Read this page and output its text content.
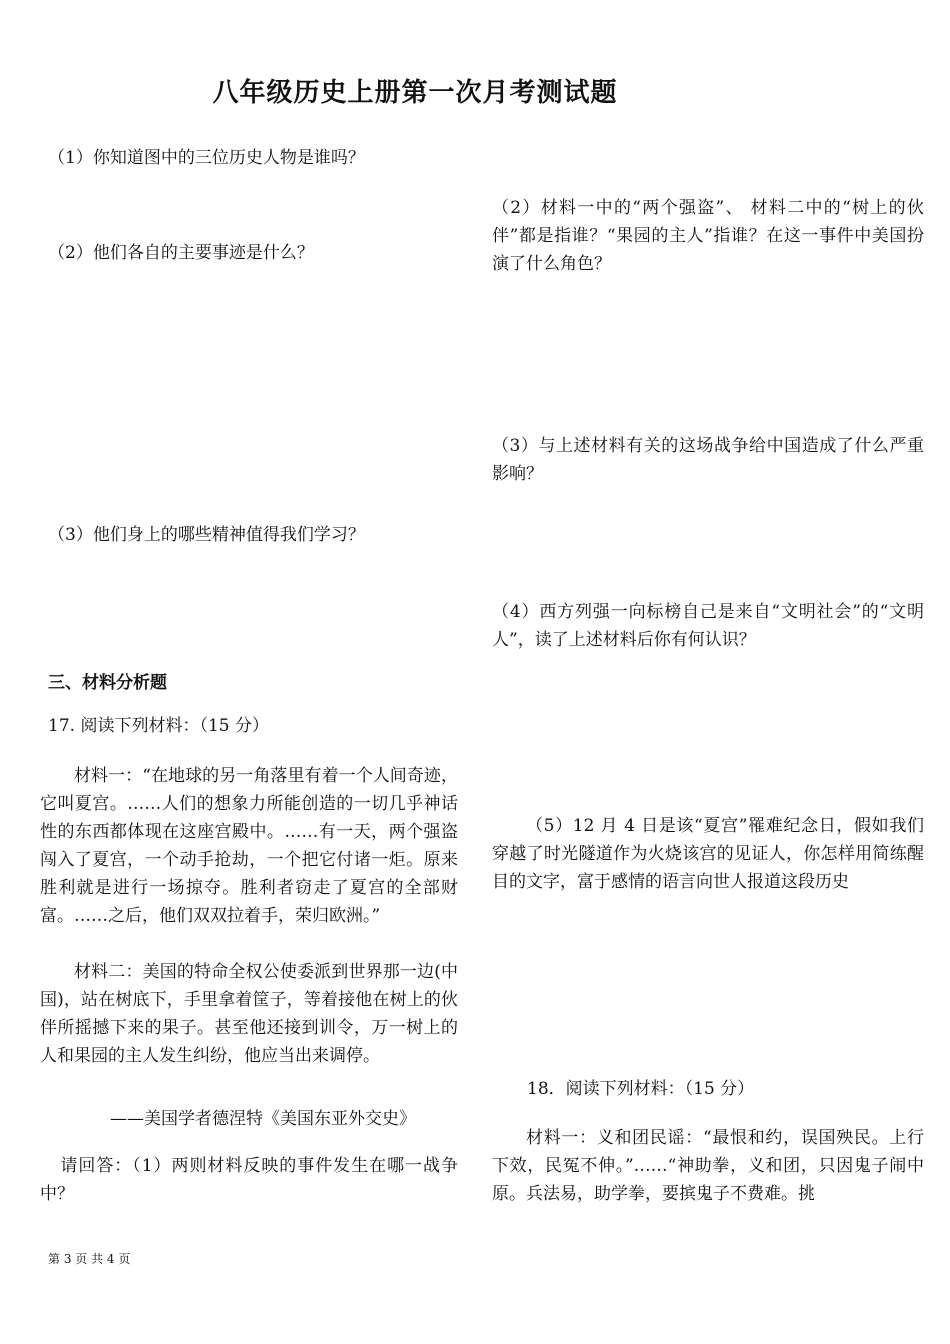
八年级历史上册第一次月考测试题
（1）你知道图中的三位历史人物是谁吗？
（2）他们各自的主要事迹是什么？
（3）他们身上的哪些精神值得我们学习？
三、材料分析题
17. 阅读下列材料：（15 分）
材料一：“在地球的另一角落里有着一个人间奇迹，它叫夏宫。……人们的想象力所能创造的一切几乎神话性的东西都体现在这座宫殿中。……有一天，两个强盗闯入了夏宫，一个动手抢劫，一个把它付诸一炬。原来胜利就是进行一场掠夺。胜利者窃走了夏宫的全部财富。……之后，他们双双拉着手，荣归欧洲。”
材料二：美国的特命全权公使委派到世界那一边(中国)，站在树底下，手里拿着筐子，等着接他在树上的伙伴所摇撼下来的果子。甚至他还接到训令，万一树上的人和果园的主人发生纠纷，他应当出来调停。
——美国学者德涅特《美国东亚外交史》
请回答：（1）两则材料反映的事件发生在哪一战争中？
（2）材料一中的“两个强盗”、 材料二中的“树上的伙伴”都是指谁？“果园的主人”指谁？在这一事件中美国扮演了什么角色？
（3）与上述材料有关的这场战争给中国造成了什么严重影响？
（4）西方列强一向标榜自己是来自“文明社会”的“文明人”，读了上述材料后你有何认识？
（5）12 月 4 日是该“夏宫”罹难纪念日，假如我们穿越了时光隧道作为火烧该宫的见证人，你怎样用简练醒目的文字，富于感情的语言向世人报道这段历史
18．阅读下列材料：（15 分）
材料一：义和团民谣：“最恨和约，误国殃民。上行下效，民冤不伸。”……“神助拳，义和团，只因鬼子闹中原。兵法易，助学拳，要摈鬼子不费难。挑
第 3 页 共 4 页
